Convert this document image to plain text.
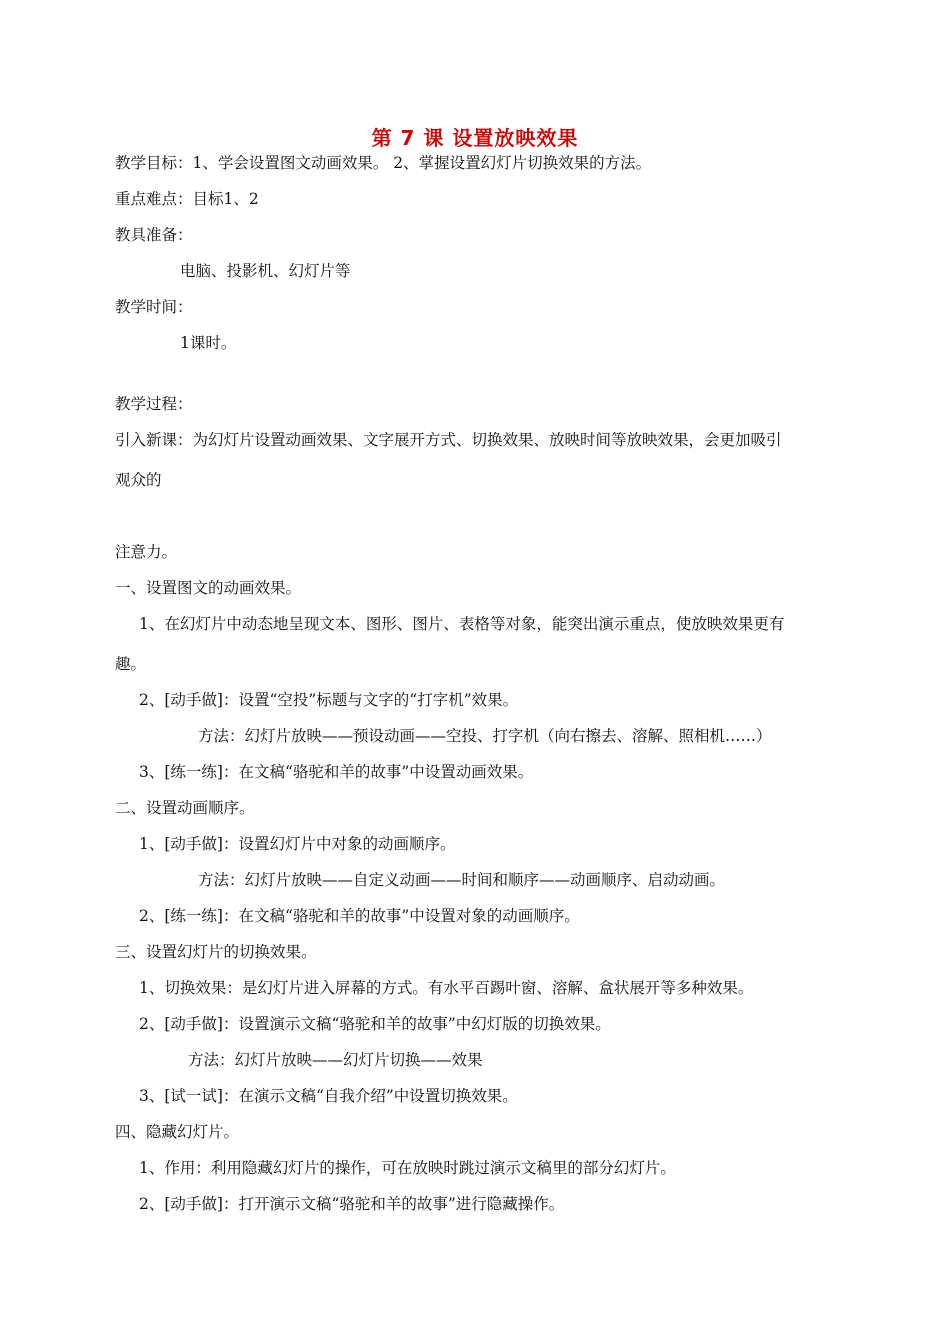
第 7 课 设置放映效果
教学目标：1、学会设置图文动画效果。 2、掌握设置幻灯片切换效果的方法。
重点难点：目标1、2
教具准备：
电脑、投影机、幻灯片等
教学时间：
1课时。
教学过程：
引入新课：为幻灯片设置动画效果、文字展开方式、切换效果、放映时间等放映效果，会更加吸引
观众的
注意力。
一、设置图文的动画效果。
1、在幻灯片中动态地呈现文本、图形、图片、表格等对象，能突出演示重点，使放映效果更有
趣。
2、[动手做]：设置“空投”标题与文字的“打字机”效果。
方法：幻灯片放映——预设动画——空投、打字机（向右擦去、溶解、照相机……）
3、[练一练]：在文稿“骆驼和羊的故事”中设置动画效果。
二、设置动画顺序。
1、[动手做]：设置幻灯片中对象的动画顺序。
方法：幻灯片放映——自定义动画——时间和顺序——动画顺序、启动动画。
2、[练一练]：在文稿“骆驼和羊的故事”中设置对象的动画顺序。
三、设置幻灯片的切换效果。
1、切换效果：是幻灯片进入屏幕的方式。有水平百踢叶窗、溶解、盒状展开等多种效果。
2、[动手做]：设置演示文稿“骆驼和羊的故事”中幻灯版的切换效果。
方法：幻灯片放映——幻灯片切换——效果
3、[试一试]：在演示文稿“自我介绍”中设置切换效果。
四、隐藏幻灯片。
1、作用：利用隐藏幻灯片的操作，可在放映时跳过演示文稿里的部分幻灯片。
2、[动手做]：打开演示文稿“骆驼和羊的故事”进行隐藏操作。
